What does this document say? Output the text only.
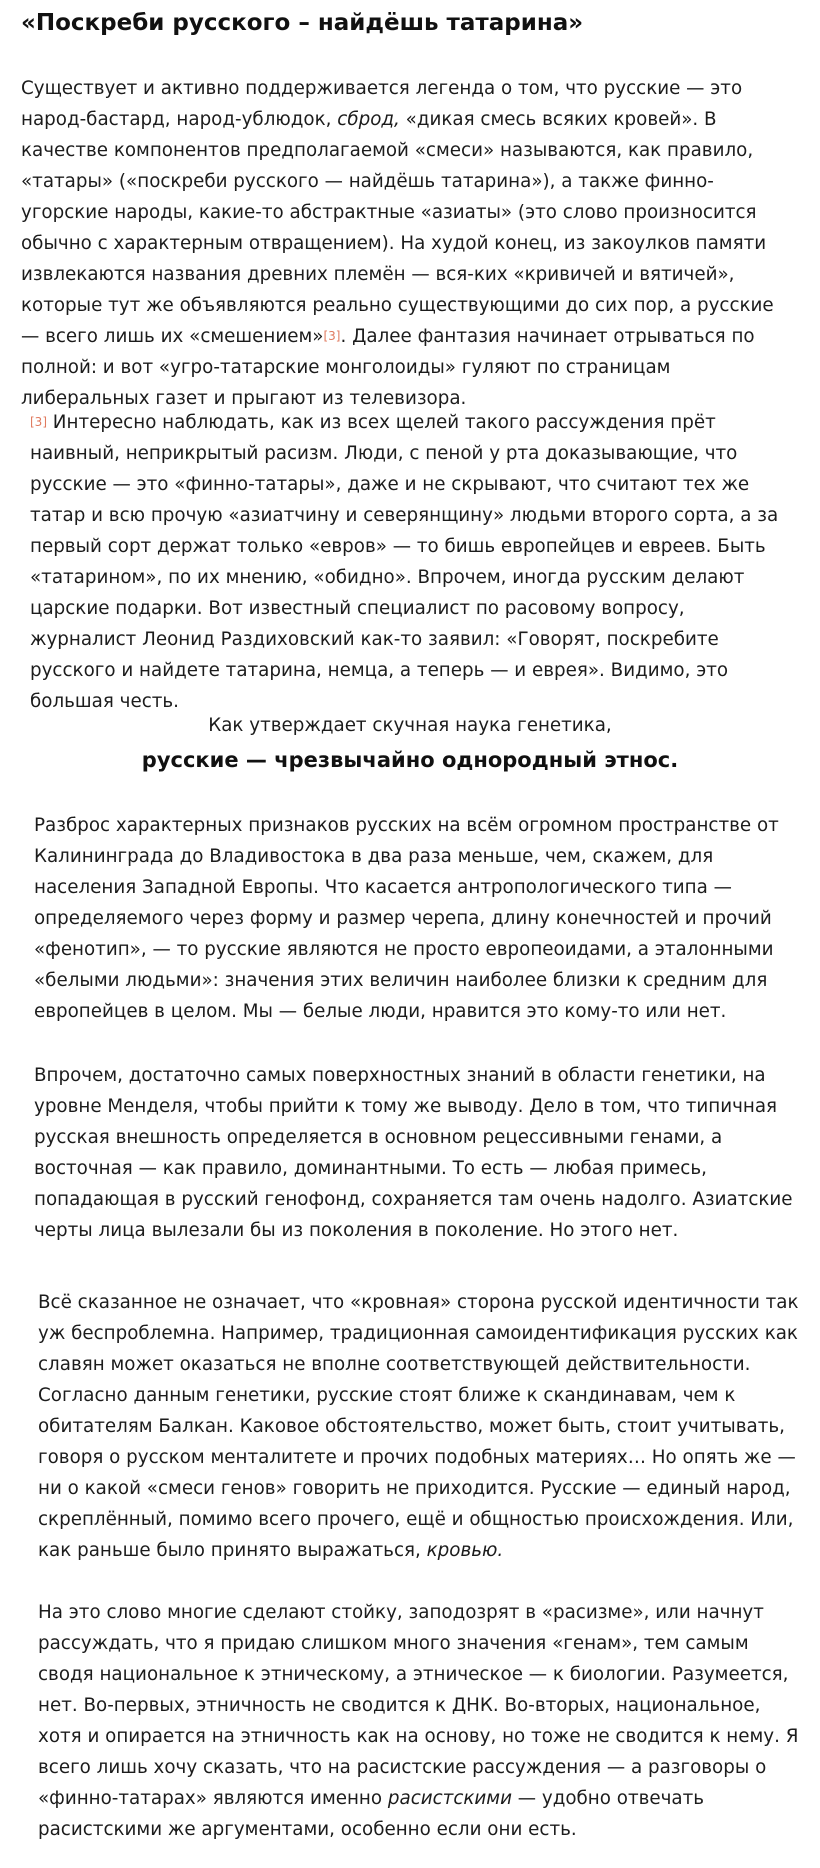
«Поскреби русского – найдёшь татарина»

Существует и активно поддерживается легенда о том, что русские — это народ-бастард, народ-ублюдок, сброд, «дикая смесь всяких кровей». В качестве компонентов предполагаемой «смеси» называются, как правило, «татары» («поскреби русского — найдёшь татарина»), а также финно-угорские народы, какие-то абстрактные «азиаты» (это слово произносится обычно с характерным отвращением). На худой конец, из закоулков памяти извлекаются названия древних племён — вся-ких «кривичей и вятичей», которые тут же объявляются реально существующими до сих пор, а русские — всего лишь их «смешением»[3]. Далее фантазия начинает отрываться по полной: и вот «угро-татарские монголоиды» гуляют по страницам либеральных газет и прыгают из телевизора.

[3] Интересно наблюдать, как из всех щелей такого рассуждения прёт наивный, неприкрытый расизм. Люди, с пеной у рта доказывающие, что русские — это «финно-татары», даже и не скрывают, что считают тех же татар и всю прочую «азиатчину и северянщину» людьми второго сорта, а за первый сорт держат только «евров» — то бишь европейцев и евреев. Быть «татарином», по их мнению, «обидно». Впрочем, иногда русским делают царские подарки. Вот известный специалист по расовому вопросу, журналист Леонид Раздиховский как-то заявил: «Говорят, поскребите русского и найдете татарина, немца, а теперь — и еврея». Видимо, это большая честь.

Как утверждает скучная наука генетика,
русские — чрезвычайно однородный этнос.

Разброс характерных признаков русских на всём огромном пространстве от Калининграда до Владивостока в два раза меньше, чем, скажем, для населения Западной Европы. Что касается антропологического типа — определяемого через форму и размер черепа, длину конечностей и прочий «фенотип», — то русские являются не просто европеоидами, а эталонными «белыми людьми»: значения этих величин наиболее близки к средним для европейцев в целом. Мы — белые люди, нравится это кому-то или нет.

Впрочем, достаточно самых поверхностных знаний в области генетики, на уровне Менделя, чтобы прийти к тому же выводу. Дело в том, что типичная русская внешность определяется в основном рецессивными генами, а восточная — как правило, доминантными. То есть — любая примесь, попадающая в русский генофонд, сохраняется там очень надолго. Азиатские черты лица вылезали бы из поколения в поколение. Но этого нет.

Всё сказанное не означает, что «кровная» сторона русской идентичности так уж беспроблемна. Например, традиционная самоидентификация русских как славян может оказаться не вполне соответствующей действительности. Согласно данным генетики, русские стоят ближе к скандинавам, чем к обитателям Балкан. Каковое обстоятельство, может быть, стоит учитывать, говоря о русском менталитете и прочих подобных материях… Но опять же — ни о какой «смеси генов» говорить не приходится. Русские — единый народ, скреплённый, помимо всего прочего, ещё и общностью происхождения. Или, как раньше было принято выражаться, кровью.

На это слово многие сделают стойку, заподозрят в «расизме», или начнут рассуждать, что я придаю слишком много значения «генам», тем самым сводя национальное к этническому, а этническое — к биологии. Разумеется, нет. Во-первых, этничность не сводится к ДНК. Во-вторых, национальное, хотя и опирается на этничность как на основу, но тоже не сводится к нему. Я всего лишь хочу сказать, что на расистские рассуждения — а разговоры о «финно-татарах» являются именно расистскими — удобно отвечать расистскими же аргументами, особенно если они есть.
